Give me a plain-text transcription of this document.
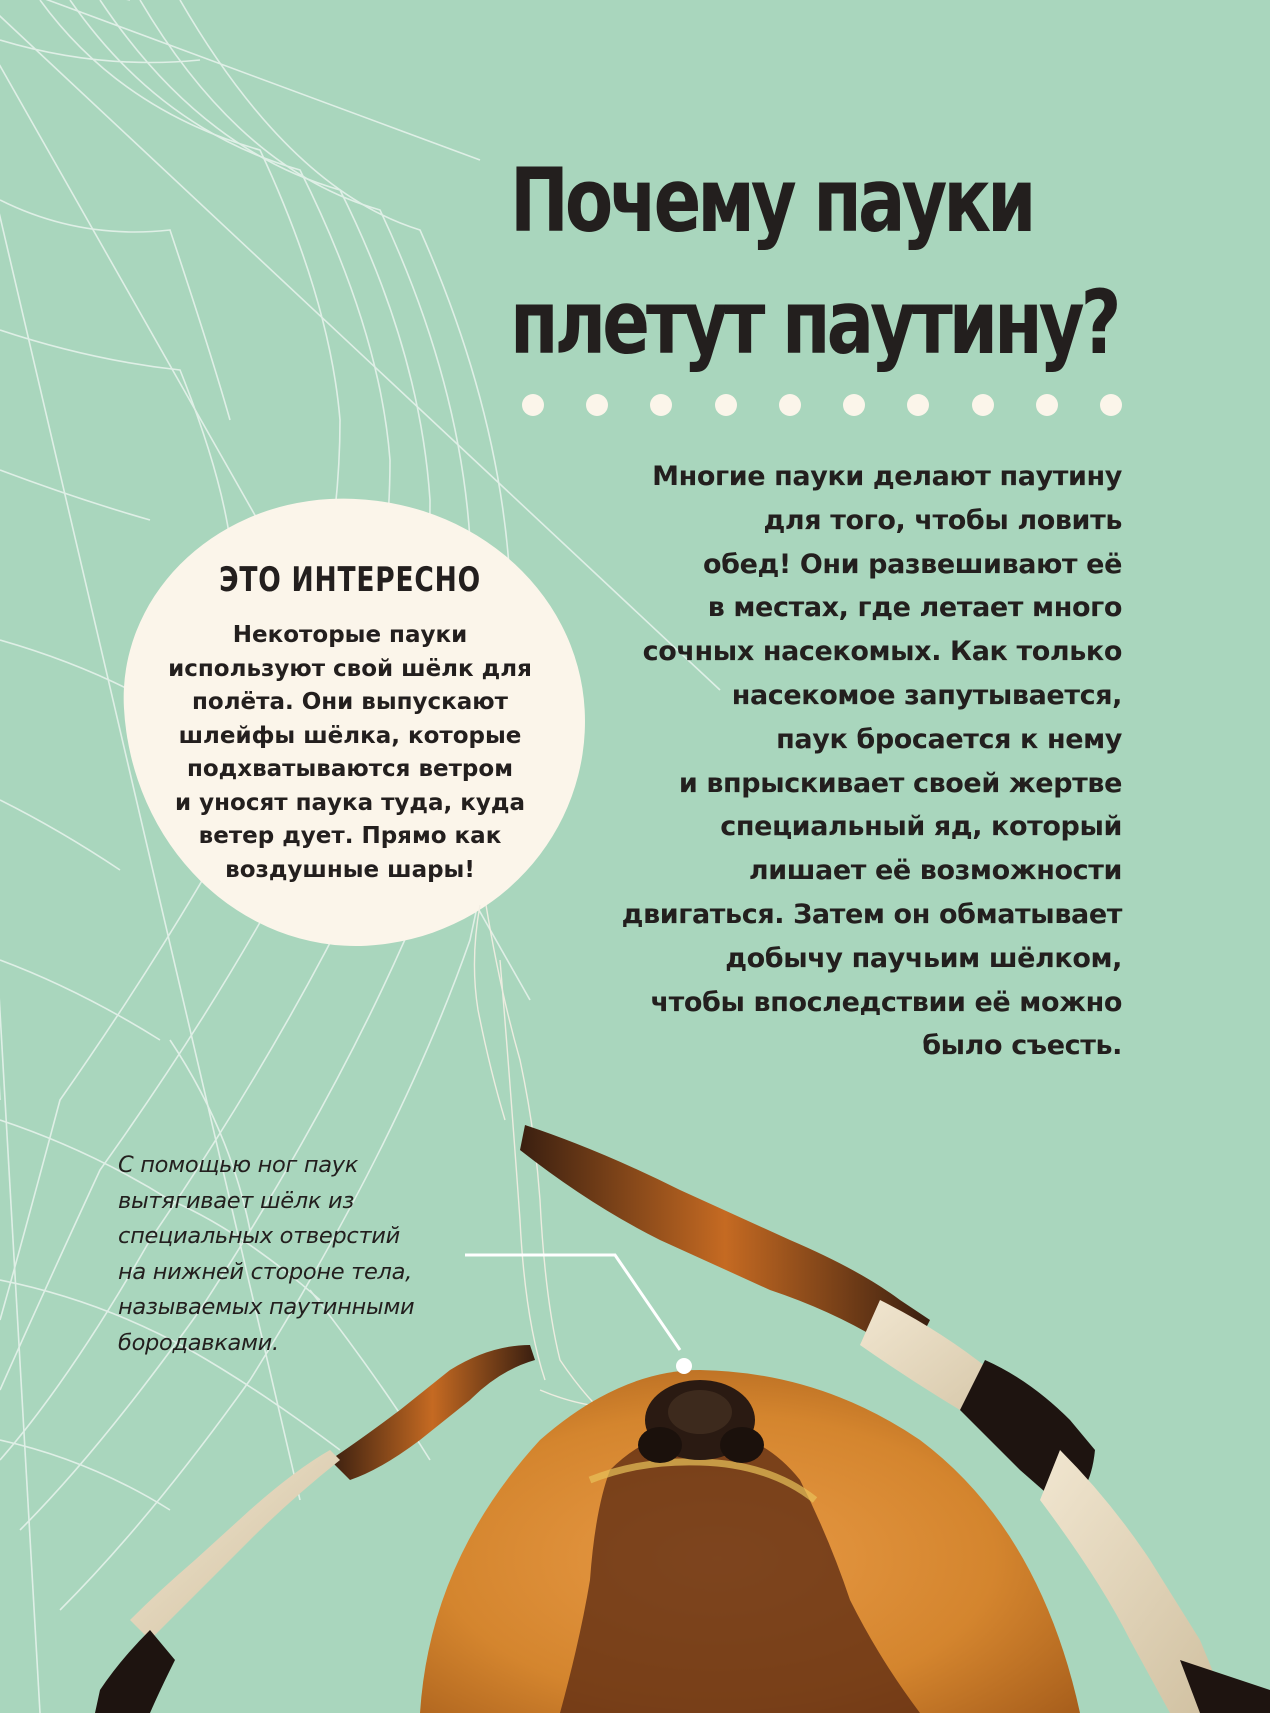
Почему пауки
плетут паутину?
Многие пауки делают паутину
для того, чтобы ловить
обед! Они развешивают её
в местах, где летает много
сочных насекомых. Как только
насекомое запутывается,
паук бросается к нему
и впрыскивает своей жертве
специальный яд, который
лишает её возможности
двигаться. Затем он обматывает
добычу паучьим шёлком,
чтобы впоследствии её можно
было съесть.
ЭТО ИНТЕРЕСНО
Некоторые пауки
используют свой шёлк для
полёта. Они выпускают
шлейфы шёлка, которые
подхватываются ветром
и уносят паука туда, куда
ветер дует. Прямо как
воздушные шары!
С помощью ног паук
вытягивает шёлк из
специальных отверстий
на нижней стороне тела,
называемых паутинными
бородавками.
